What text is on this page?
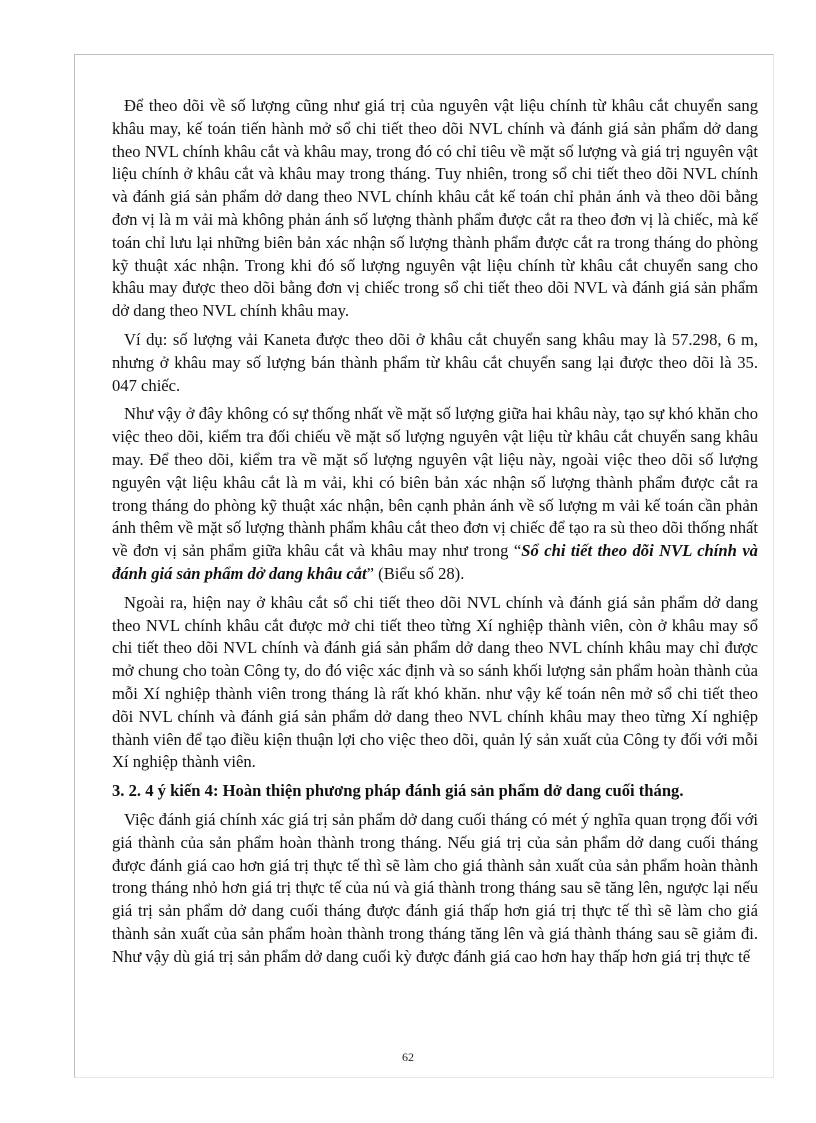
Để theo dõi về số lượng cũng như giá trị của nguyên vật liệu chính từ khâu cắt chuyển sang khâu may, kế toán tiến hành mở sổ chi tiết theo dõi NVL chính và đánh giá sản phẩm dở dang theo NVL chính khâu cắt và khâu may, trong đó có chỉ tiêu về mặt số lượng và giá trị nguyên vật liệu chính ở khâu cắt và khâu may trong tháng. Tuy nhiên, trong sổ chi tiết theo dõi NVL chính và đánh giá sản phẩm dở dang theo NVL chính khâu cắt kế toán chỉ phản ánh và theo dõi bằng đơn vị là m vải mà không phản ánh số lượng thành phẩm được cắt ra theo đơn vị là chiếc, mà kế toán chỉ lưu lại những biên bản xác nhận số lượng thành phẩm được cắt ra trong tháng do phòng kỹ thuật xác nhận. Trong khi đó số lượng nguyên vật liệu chính từ khâu cắt chuyển sang cho khâu may được theo dõi bằng đơn vị chiếc trong sổ chi tiết theo dõi NVL và đánh giá sản phẩm dở dang theo NVL chính khâu may.

Ví dụ: số lượng vải Kaneta được theo dõi ở khâu cắt chuyển sang khâu may là 57.298, 6 m, nhưng ở khâu may số lượng bán thành phẩm từ khâu cắt chuyển sang lại được theo dõi là 35. 047 chiếc.

Như vậy ở đây không có sự thống nhất về mặt số lượng giữa hai khâu này, tạo sự khó khăn cho việc theo dõi, kiểm tra đối chiếu về mặt số lượng nguyên vật liệu từ khâu cắt chuyển sang khâu may. Để theo dõi, kiểm tra về mặt số lượng nguyên vật liệu này, ngoài việc theo dõi số lượng nguyên vật liệu khâu cắt là m vải, khi có biên bản xác nhận số lượng thành phẩm được cắt ra trong tháng do phòng kỹ thuật xác nhận, bên cạnh phản ánh về số lượng m vải kế toán cần phản ánh thêm về mặt số lượng thành phẩm khâu cắt theo đơn vị chiếc để tạo ra sù theo dõi thống nhất về đơn vị sản phẩm giữa khâu cắt và khâu may như trong “Sổ chi tiết theo dõi NVL chính và đánh giá sản phẩm dở dang khâu cắt” (Biểu số 28).

Ngoài ra, hiện nay ở khâu cắt sổ chi tiết theo dõi NVL chính và đánh giá sản phẩm dở dang theo NVL chính khâu cắt được mở chi tiết theo từng Xí nghiệp thành viên, còn ở khâu may sổ chi tiết theo dõi NVL chính và đánh giá sản phẩm dở dang theo NVL chính khâu may chỉ được mở chung cho toàn Công ty, do đó việc xác định và so sánh khối lượng sản phẩm hoàn thành của mỗi Xí nghiệp thành viên trong tháng là rất khó khăn. như vậy kế toán nên mở sổ chi tiết theo dõi NVL chính và đánh giá sản phẩm dở dang theo NVL chính khâu may theo từng Xí nghiệp thành viên để tạo điều kiện thuận lợi cho việc theo dõi, quản lý sản xuất của Công ty đối với mỗi Xí nghiệp thành viên.

3. 2. 4 ý kiến 4: Hoàn thiện phương pháp đánh giá sản phẩm dở dang cuối tháng.

Việc đánh giá chính xác giá trị sản phẩm dở dang cuối tháng có mét ý nghĩa quan trọng đối với giá thành của sản phẩm hoàn thành trong tháng. Nếu giá trị của sản phẩm dở dang cuối tháng được đánh giá cao hơn giá trị thực tế thì sẽ làm cho giá thành sản xuất của sản phẩm hoàn thành trong tháng nhỏ hơn giá trị thực tế của nú và giá thành trong tháng sau sẽ tăng lên, ngược lại nếu giá trị sản phẩm dở dang cuối tháng được đánh giá thấp hơn giá trị thực tế thì sẽ làm cho giá thành sản xuất của sản phẩm hoàn thành trong tháng tăng lên và giá thành tháng sau sẽ giảm đi. Như vậy dù giá trị sản phẩm dở dang cuối kỳ được đánh giá cao hơn hay thấp hơn giá trị thực tế

62
